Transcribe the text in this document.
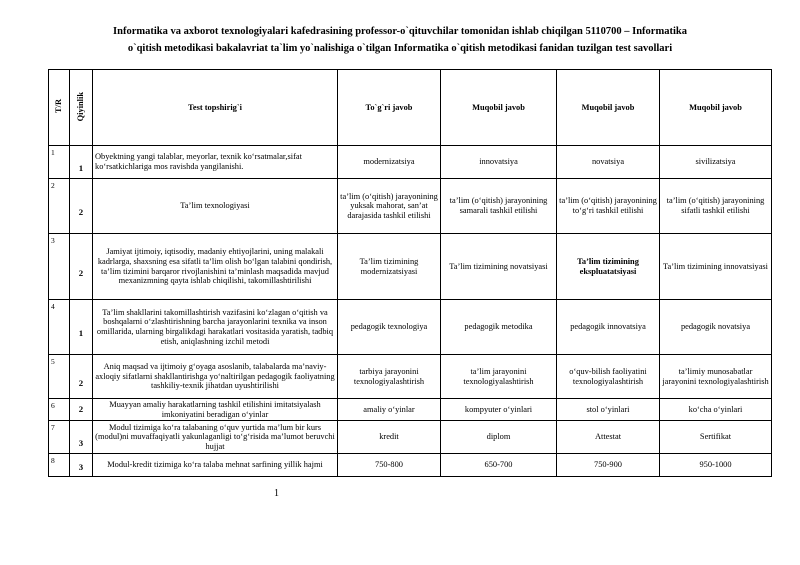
Informatika va axborot texnologiyalari kafedrasining professor-o`qituvchilar tomonidan ishlab chiqilgan 5110700 – Informatika
o`qitish metodikasi bakalavriat ta`lim yo`nalishiga o`tilgan Informatika o`qitish metodikasi fanidan tuzilgan test savollari
T/R	Qiyinlik	Test topshirig`i	To`g`ri javob	Muqobil javob	Muqobil javob	Muqobil javob
1	1	Obyektning yangi talablar, meyorlar, texnik ko‘rsatmalar,sifat ko‘rsatkichlariga mos ravishda yangilanishi.	modernizatsiya	innovatsiya	novatsiya	sivilizatsiya
2	2	Ta’lim texnologiyasi	ta’lim (o‘qitish) jarayonining yuksak mahorat, san’at darajasida tashkil etilishi	ta’lim (o‘qitish) jarayonining samarali tashkil etilishi	ta’lim (o‘qitish) jarayonining to‘g‘ri tashkil etilishi	ta’lim (o‘qitish) jarayonining sifatli tashkil etilishi
3	2	Jamiyat ijtimoiy, iqtisodiy, madaniy ehtiyojlarini, uning malakali kadrlarga, shaxsning esa sifatli ta’lim olish bo‘lgan talabini qondirish, ta’lim tizimini barqaror rivojlanishini ta’minlash maqsadida mavjud mexanizmning qayta ishlab chiqilishi, takomillashtirilishi	Ta’lim tizimining modernizatsiyasi	Ta’lim tizimining novatsiyasi	Ta’lim tizimining ekspluatatsiyasi	Ta’lim tizimining innovatsiyasi
4	1	Ta’lim shakllarini takomillashtirish vazifasini ko‘zlagan o‘qitish va boshqalarni o‘zlashtirishning barcha jarayonlarini texnika va inson omillarida, ularning birgalikdagi harakatlari vositasida yaratish, tadbiq etish, aniqlashning izchil metodi	pedagogik texnologiya	pedagogik metodika	pedagogik innovatsiya	pedagogik novatsiya
5	2	Aniq maqsad va ijtimoiy g‘oyaga asoslanib, talabalarda ma’naviy-axloqiy sifatlarni shakllantirishga yo‘naltirilgan pedagogik faoliyatning tashkiliy-texnik jihatdan uyushtirilishi	tarbiya jarayonini texnologiyalashtirish	ta’lim jarayonini texnologiyalashtirish	o‘quv-bilish faoliyatini texnologiyalashtirish	ta’limiy munosabatlar jarayonini texnologiyalashtirish
6	2	Muayyan amaliy harakatlarning tashkil etilishini imitatsiyalash imkoniyatini beradigan o‘yinlar	amaliy o‘yinlar	kompyuter o‘yinlari	stol o‘yinlari	ko‘cha o‘yinlari
7	3	Modul tizimiga ko‘ra talabaning o‘quv yurtida ma’lum bir kurs (modul)ni muvaffaqiyatli yakunlaganligi to‘g‘risida ma’lumot beruvchi hujjat	kredit	diplom	Attestat	Sertifikat
8	3	Modul-kredit tizimiga ko‘ra talaba mehnat sarfining yillik hajmi	750-800	650-700	750-900	950-1000
1
